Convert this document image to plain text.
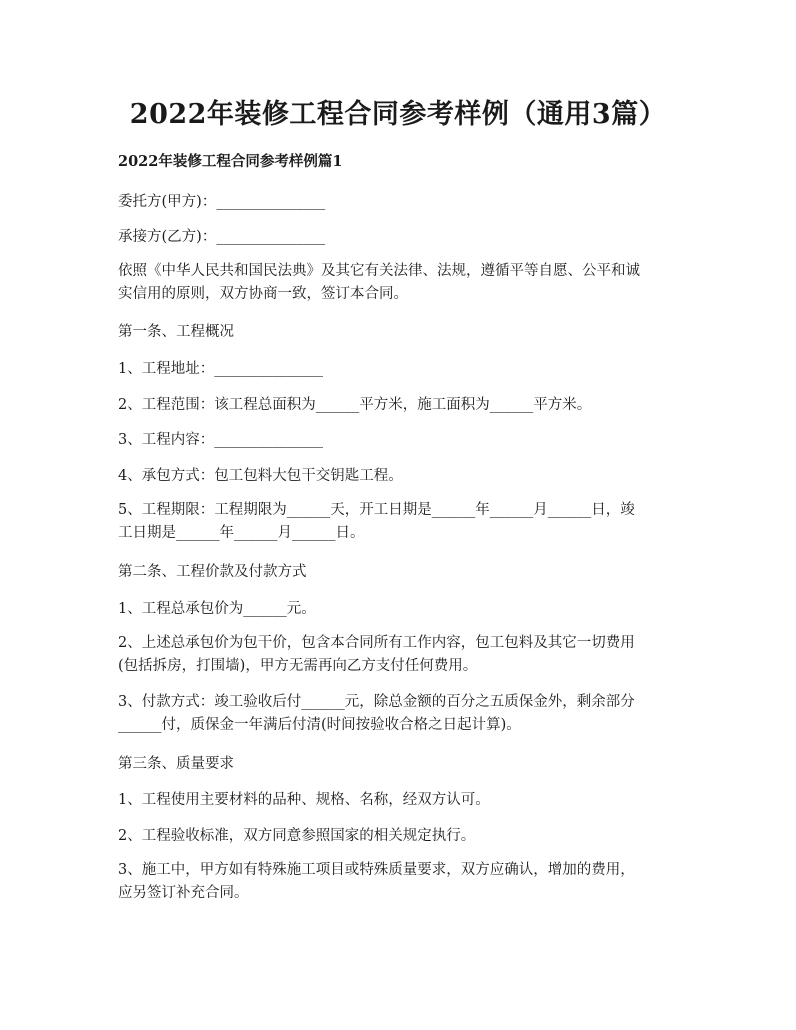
2022年装修工程合同参考样例（通用3篇）
2022年装修工程合同参考样例篇1
委托方(甲方)：_______________
承接方(乙方)：_______________
依照《中华人民共和国民法典》及其它有关法律、法规，遵循平等自愿、公平和诚
实信用的原则，双方协商一致，签订本合同。
第一条、工程概况
1、工程地址：_______________
2、工程范围：该工程总面积为______平方米，施工面积为______平方米。
3、工程内容：_______________
4、承包方式：包工包料大包干交钥匙工程。
5、工程期限：工程期限为______天，开工日期是______年______月______日，竣
工日期是______年______月______日。
第二条、工程价款及付款方式
1、工程总承包价为______元。
2、上述总承包价为包干价，包含本合同所有工作内容，包工包料及其它一切费用
(包括拆房，打围墙)，甲方无需再向乙方支付任何费用。
3、付款方式：竣工验收后付______元，除总金额的百分之五质保金外，剩余部分
______付，质保金一年满后付清(时间按验收合格之日起计算)。
第三条、质量要求
1、工程使用主要材料的品种、规格、名称，经双方认可。
2、工程验收标准，双方同意参照国家的相关规定执行。
3、施工中，甲方如有特殊施工项目或特殊质量要求，双方应确认，增加的费用，
应另签订补充合同。
